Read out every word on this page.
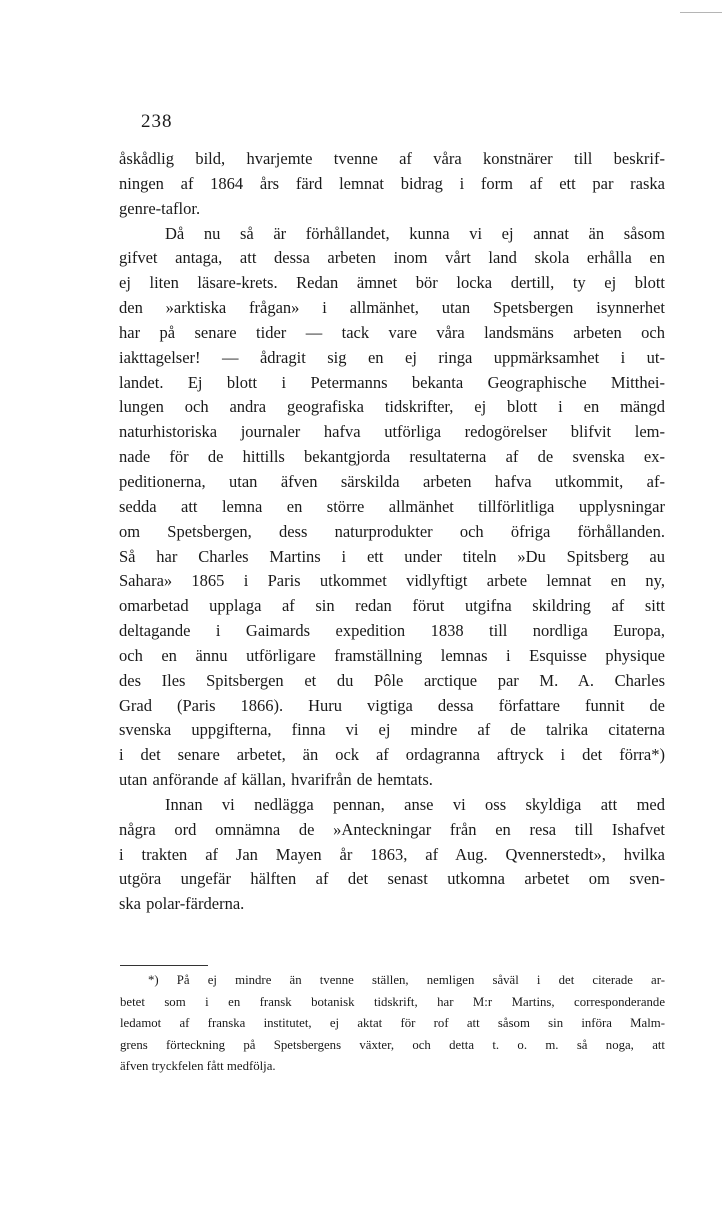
238
åskådlig bild, hvarjemte tvenne af våra konstnärer till beskrif-
ningen af 1864 års färd lemnat bidrag i form af ett par raska
genre-taflor.
Då nu så är förhållandet, kunna vi ej annat än såsom
gifvet antaga, att dessa arbeten inom vårt land skola erhålla en
ej liten läsare-krets. Redan ämnet bör locka dertill, ty ej blott
den »arktiska frågan» i allmänhet, utan Spetsbergen isynnerhet
har på senare tider — tack vare våra landsmäns arbeten och
iakttagelser! — ådragit sig en ej ringa uppmärksamhet i ut-
landet. Ej blott i Petermanns bekanta Geographische Mitthei-
lungen och andra geografiska tidskrifter, ej blott i en mängd
naturhistoriska journaler hafva utförliga redogörelser blifvit lem-
nade för de hittills bekantgjorda resultaterna af de svenska ex-
peditionerna, utan äfven särskilda arbeten hafva utkommit, af-
sedda att lemna en större allmänhet tillförlitliga upplysningar
om Spetsbergen, dess naturprodukter och öfriga förhållanden.
Så har Charles Martins i ett under titeln »Du Spitsberg au
Sahara» 1865 i Paris utkommet vidlyftigt arbete lemnat en ny,
omarbetad upplaga af sin redan förut utgifna skildring af sitt
deltagande i Gaimards expedition 1838 till nordliga Europa,
och en ännu utförligare framställning lemnas i Esquisse physique
des Iles Spitsbergen et du Pôle arctique par M. A. Charles
Grad (Paris 1866). Huru vigtiga dessa författare funnit de
svenska uppgifterna, finna vi ej mindre af de talrika citaterna
i det senare arbetet, än ock af ordagranna aftryck i det förra*)
utan anförande af källan, hvarifrån de hemtats.
Innan vi nedlägga pennan, anse vi oss skyldiga att med
några ord omnämna de »Anteckningar från en resa till Ishafvet
i trakten af Jan Mayen år 1863, af Aug. Qvennerstedt», hvilka
utgöra ungefär hälften af det senast utkomna arbetet om sven-
ska polar-färderna.
*) På ej mindre än tvenne ställen, nemligen såväl i det citerade ar-
betet som i en fransk botanisk tidskrift, har M:r Martins, corresponderande
ledamot af franska institutet, ej aktat för rof att såsom sin införa Malm-
grens förteckning på Spetsbergens växter, och detta t. o. m. så noga, att
äfven tryckfelen fått medfölja.
